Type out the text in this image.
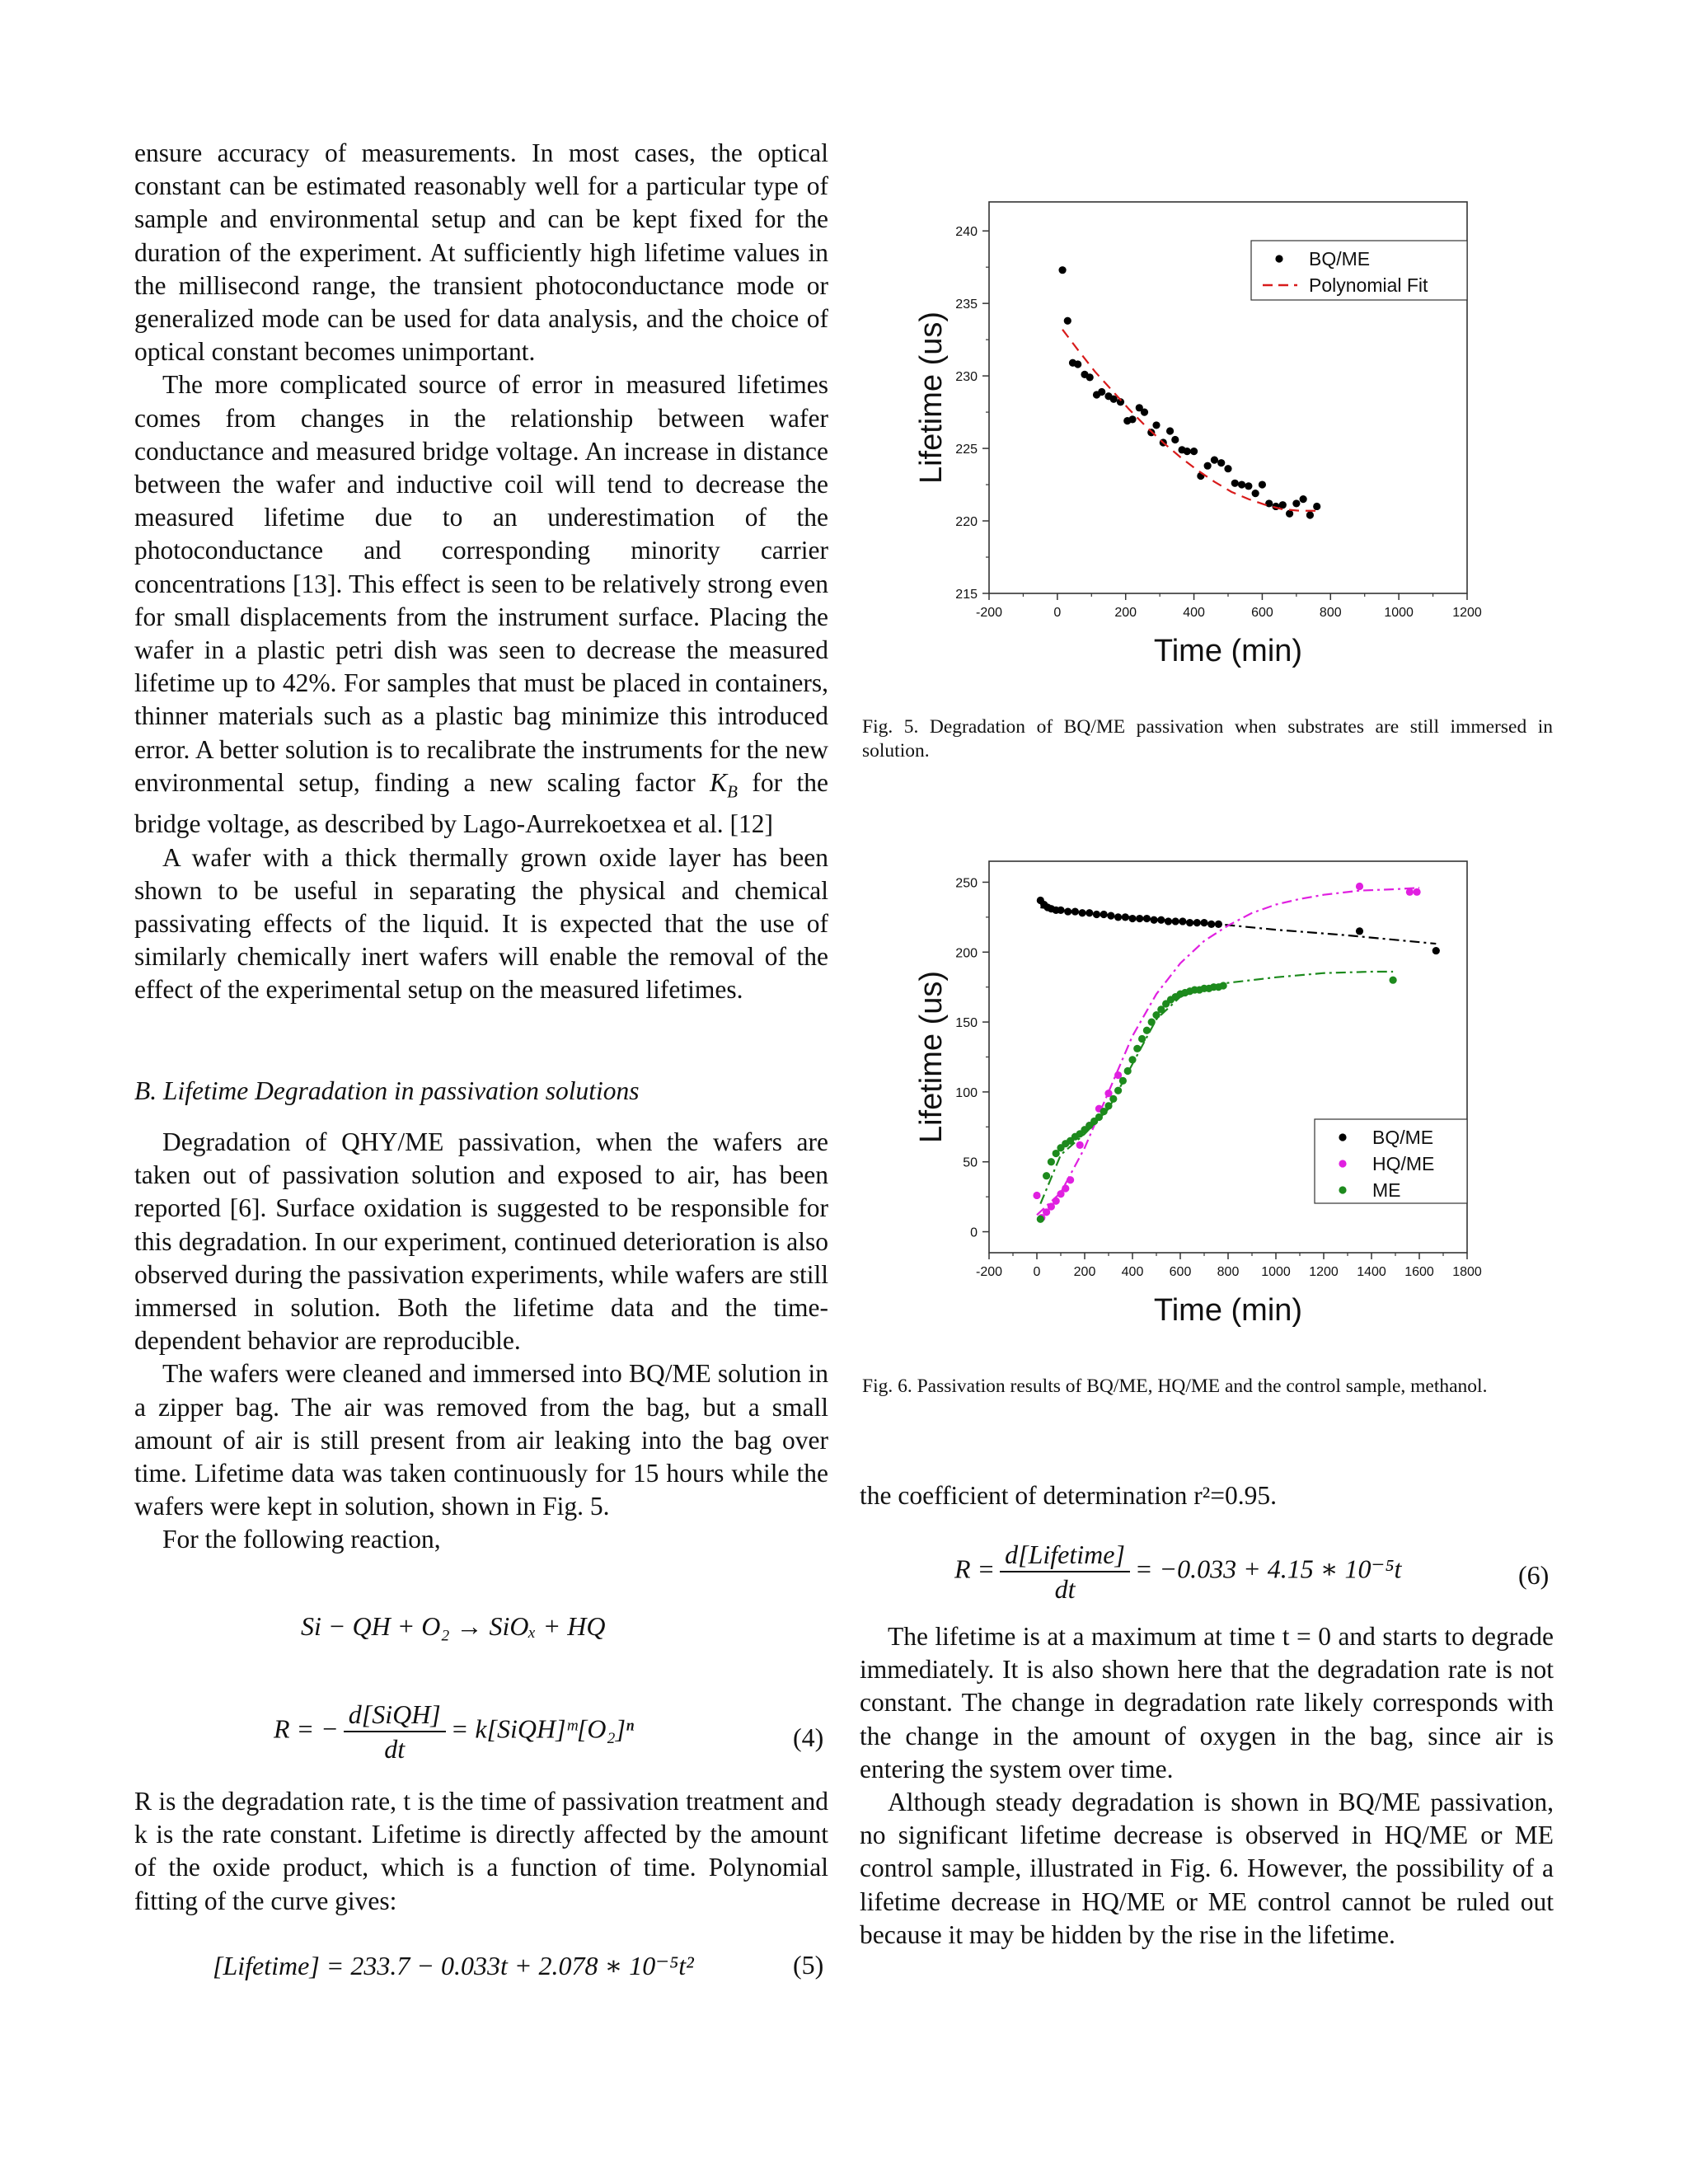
ensure accuracy of measurements. In most cases, the optical constant can be estimated reasonably well for a particular type of sample and environmental setup and can be kept fixed for the duration of the experiment. At sufficiently high lifetime values in the millisecond range, the transient photoconductance mode or generalized mode can be used for data analysis, and the choice of optical constant becomes unimportant.

The more complicated source of error in measured lifetimes comes from changes in the relationship between wafer conductance and measured bridge voltage. An increase in distance between the wafer and inductive coil will tend to decrease the measured lifetime due to an underestimation of the photoconductance and corresponding minority carrier concentrations [13]. This effect is seen to be relatively strong even for small displacements from the instrument surface. Placing the wafer in a plastic petri dish was seen to decrease the measured lifetime up to 42%. For samples that must be placed in containers, thinner materials such as a plastic bag minimize this introduced error. A better solution is to recalibrate the instruments for the new environmental setup, finding a new scaling factor $K_B$ for the bridge voltage, as described by Lago-Aurrekoetxea et al. [12]

A wafer with a thick thermally grown oxide layer has been shown to be useful in separating the physical and chemical passivating effects of the liquid. It is expected that the use of similarly chemically inert wafers will enable the removal of the effect of the experimental setup on the measured lifetimes.

B. Lifetime Degradation in passivation solutions

Degradation of QHY/ME passivation, when the wafers are taken out of passivation solution and exposed to air, has been reported [6]. Surface oxidation is suggested to be responsible for this degradation. In our experiment, continued deterioration is also observed during the passivation experiments, while wafers are still immersed in solution. Both the lifetime data and the time-dependent behavior are reproducible.

The wafers were cleaned and immersed into BQ/ME solution in a zipper bag. The air was removed from the bag, but a small amount of air is still present from air leaking into the bag over time. Lifetime data was taken continuously for 15 hours while the wafers were kept in solution, shown in Fig. 5.

For the following reaction,

Si − QH + O₂ → SiOₓ + HQ
R = − $\frac{\text{d[SiQH]}}{dt}$ = k[SiQH]ᵐ[O₂]ⁿ	(4)

R is the degradation rate, t is the time of passivation treatment and k is the rate constant. Lifetime is directly affected by the amount of the oxide product, which is a function of time. Polynomial fitting of the curve gives:

[Lifetime] = 233.7 − 0.033t + 2.078 ∗ 10⁻⁵t²	(5)
-200	0	200	400	600	800	1000	1200
215
220
225
230
235
240
Time (min)
Lifetime (us)
BQ/ME
Polynomial Fit
Fig. 5. Degradation of BQ/ME passivation when substrates are still immersed in solution.
-200 0	200 400 600 800 1000 1200 1400 1600 1800
0
50
100
150
200
250
Time (min)
Lifetime (us)	BQ/ME
HQ/ME
ME
Fig. 6. Passivation results of BQ/ME, HQ/ME and the control sample, methanol.

the coefficient of determination r²=0.95.

$R = \frac{\text{d[Lifetime]}}{dt} = -0.033 + 4.15$ ∗ 10⁻⁵t	(6)

The lifetime is at a maximum at time t = 0 and starts to degrade immediately. It is also shown here that the degradation rate is not constant. The change in degradation rate likely corresponds with the change in the amount of oxygen in the bag, since air is entering the system over time.

Although steady degradation is shown in BQ/ME passivation, no significant lifetime decrease is observed in HQ/ME or ME control sample, illustrated in Fig. 6. However, the possibility of a lifetime decrease in HQ/ME or ME control cannot be ruled out because it may be hidden by the rise in the lifetime.
